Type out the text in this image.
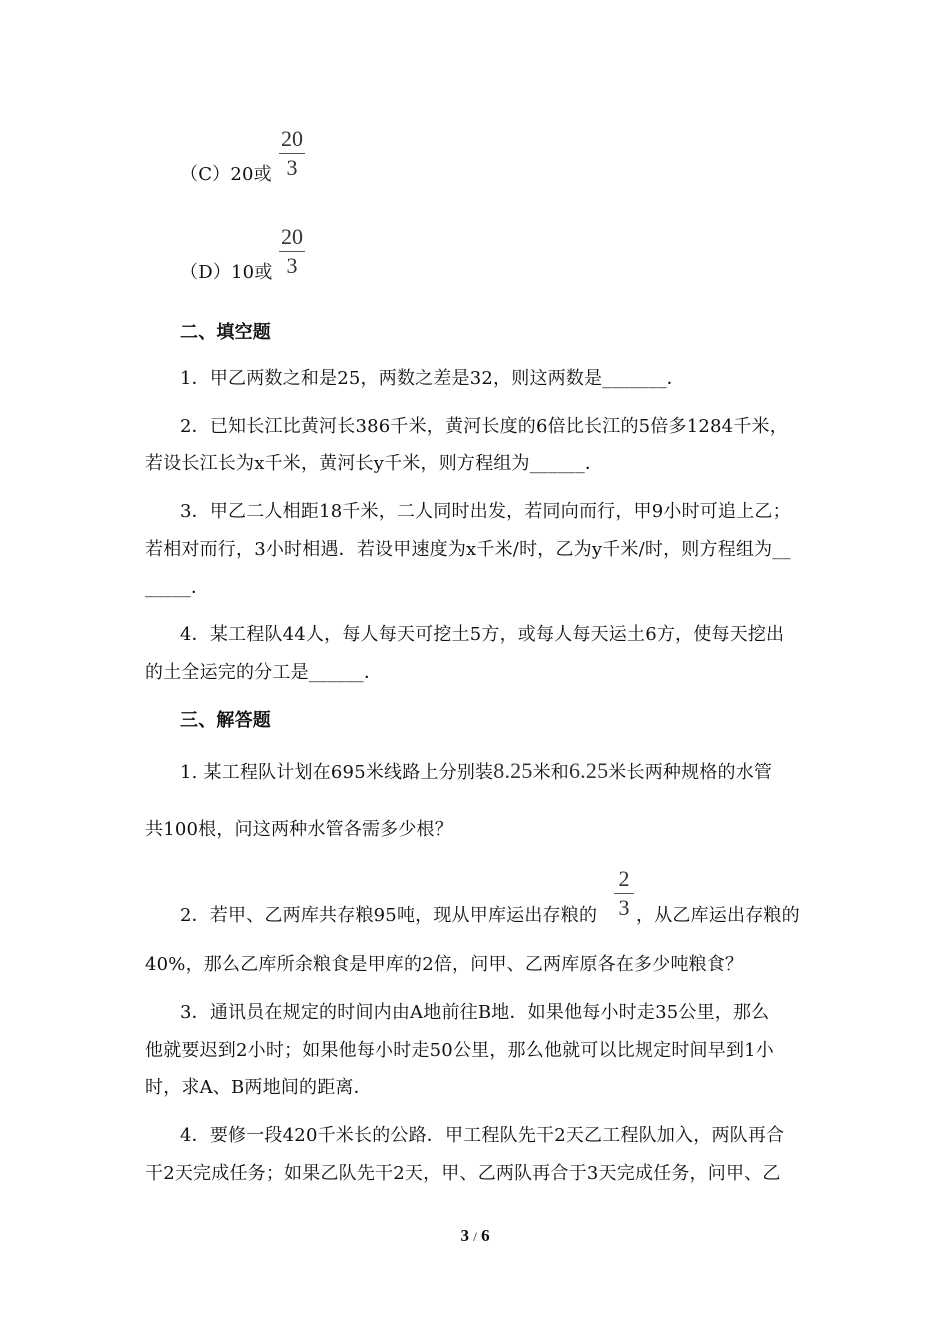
20
3
（C）20或
20
3
（D）10或
二、填空题
1．甲乙两数之和是25，两数之差是32，则这两数是_______．
2．已知长江比黄河长386千米，黄河长度的6倍比长江的5倍多1284千米，
若设长江长为x千米，黄河长y千米，则方程组为______．
3．甲乙二人相距18千米，二人同时出发，若同向而行，甲9小时可追上乙；
若相对而行，3小时相遇．若设甲速度为x千米/时，乙为y千米/时，则方程组为__
_____．
4．某工程队44人，每人每天可挖土5方，或每人每天运土6方，使每天挖出
的土全运完的分工是______．
三、解答题
1. 某工程队计划在695米线路上分别装8.25米和6.25米长两种规格的水管
共100根，问这两种水管各需多少根？
2
3
2．若甲、乙两库共存粮95吨，现从甲库运出存粮的 ，从乙库运出存粮的
40%，那么乙库所余粮食是甲库的2倍，问甲、乙两库原各在多少吨粮食？
3．通讯员在规定的时间内由A地前往B地．如果他每小时走35公里，那么
他就要迟到2小时；如果他每小时走50公里，那么他就可以比规定时间早到1小
时，求A、B两地间的距离．
4．要修一段420千米长的公路．甲工程队先干2天乙工程队加入，两队再合
干2天完成任务；如果乙队先干2天，甲、乙两队再合于3天完成任务，问甲、乙
3 / 6
